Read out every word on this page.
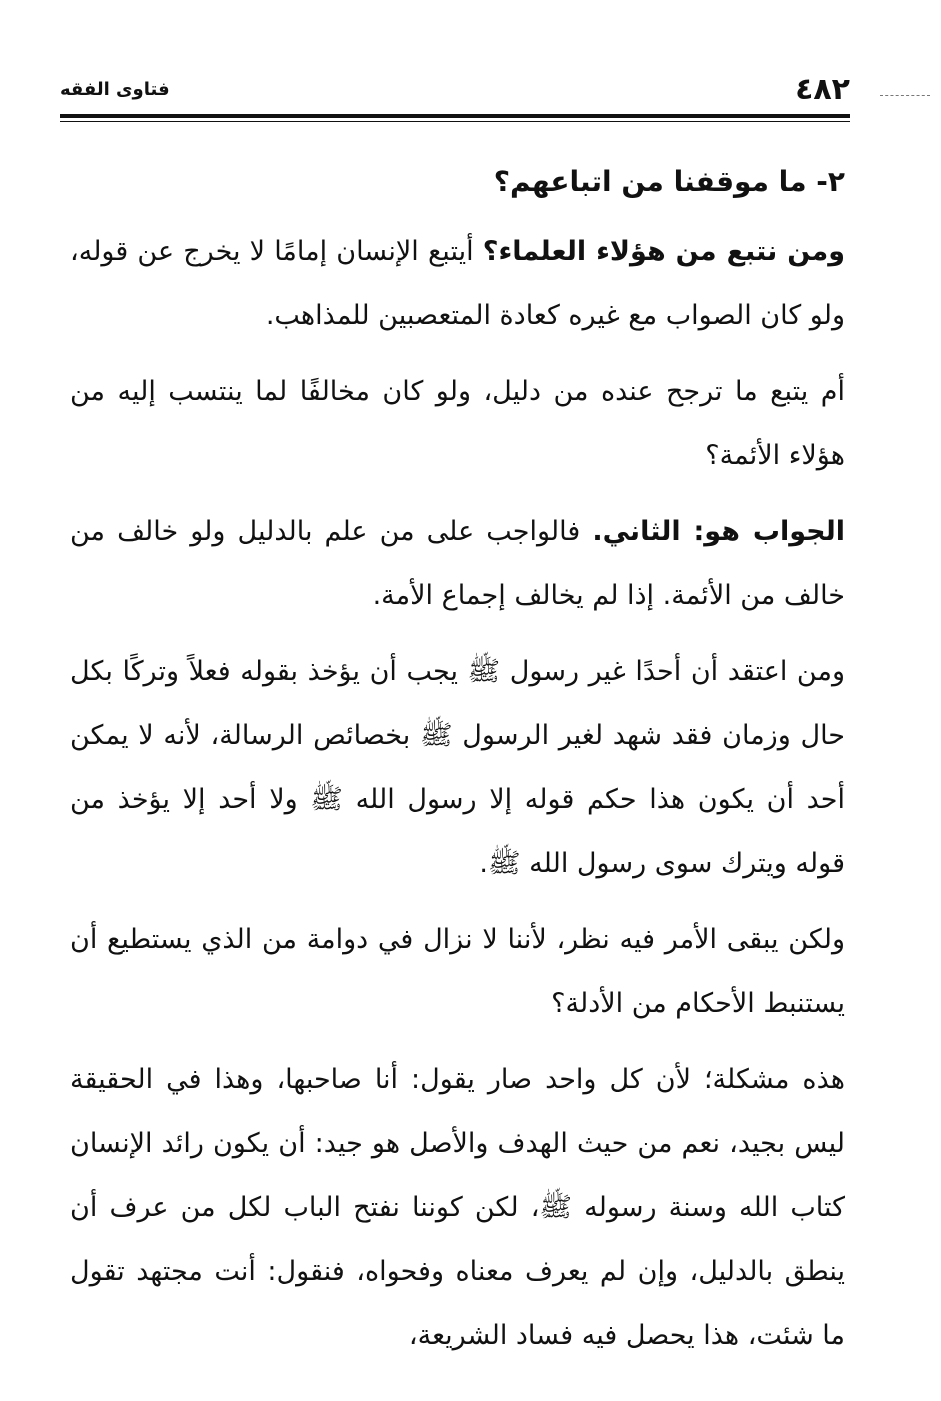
٤٨٢
فتاوى الفقه

٢- ما موقفنا من اتباعهم؟

ومن نتبع من هؤلاء العلماء؟ أيتبع الإنسان إمامًا لا يخرج عن قوله، ولو كان الصواب مع غيره كعادة المتعصبين للمذاهب.

أم يتبع ما ترجح عنده من دليل، ولو كان مخالفًا لما ينتسب إليه من هؤلاء الأئمة؟

الجواب هو: الثاني. فالواجب على من علم بالدليل ولو خالف من خالف من الأئمة. إذا لم يخالف إجماع الأمة.

ومن اعتقد أن أحدًا غير رسول ﷺ يجب أن يؤخذ بقوله فعلاً وتركًا بكل حال وزمان فقد شهد لغير الرسول ﷺ بخصائص الرسالة، لأنه لا يمكن أحد أن يكون هذا حكم قوله إلا رسول الله ﷺ ولا أحد إلا يؤخذ من قوله ويترك سوى رسول الله ﷺ.

ولكن يبقى الأمر فيه نظر، لأننا لا نزال في دوامة من الذي يستطيع أن يستنبط الأحكام من الأدلة؟

هذه مشكلة؛ لأن كل واحد صار يقول: أنا صاحبها، وهذا في الحقيقة ليس بجيد، نعم من حيث الهدف والأصل هو جيد: أن يكون رائد الإنسان كتاب الله وسنة رسوله ﷺ، لكن كوننا نفتح الباب لكل من عرف أن ينطق بالدليل، وإن لم يعرف معناه وفحواه، فنقول: أنت مجتهد تقول ما شئت، هذا يحصل فيه فساد الشريعة،
